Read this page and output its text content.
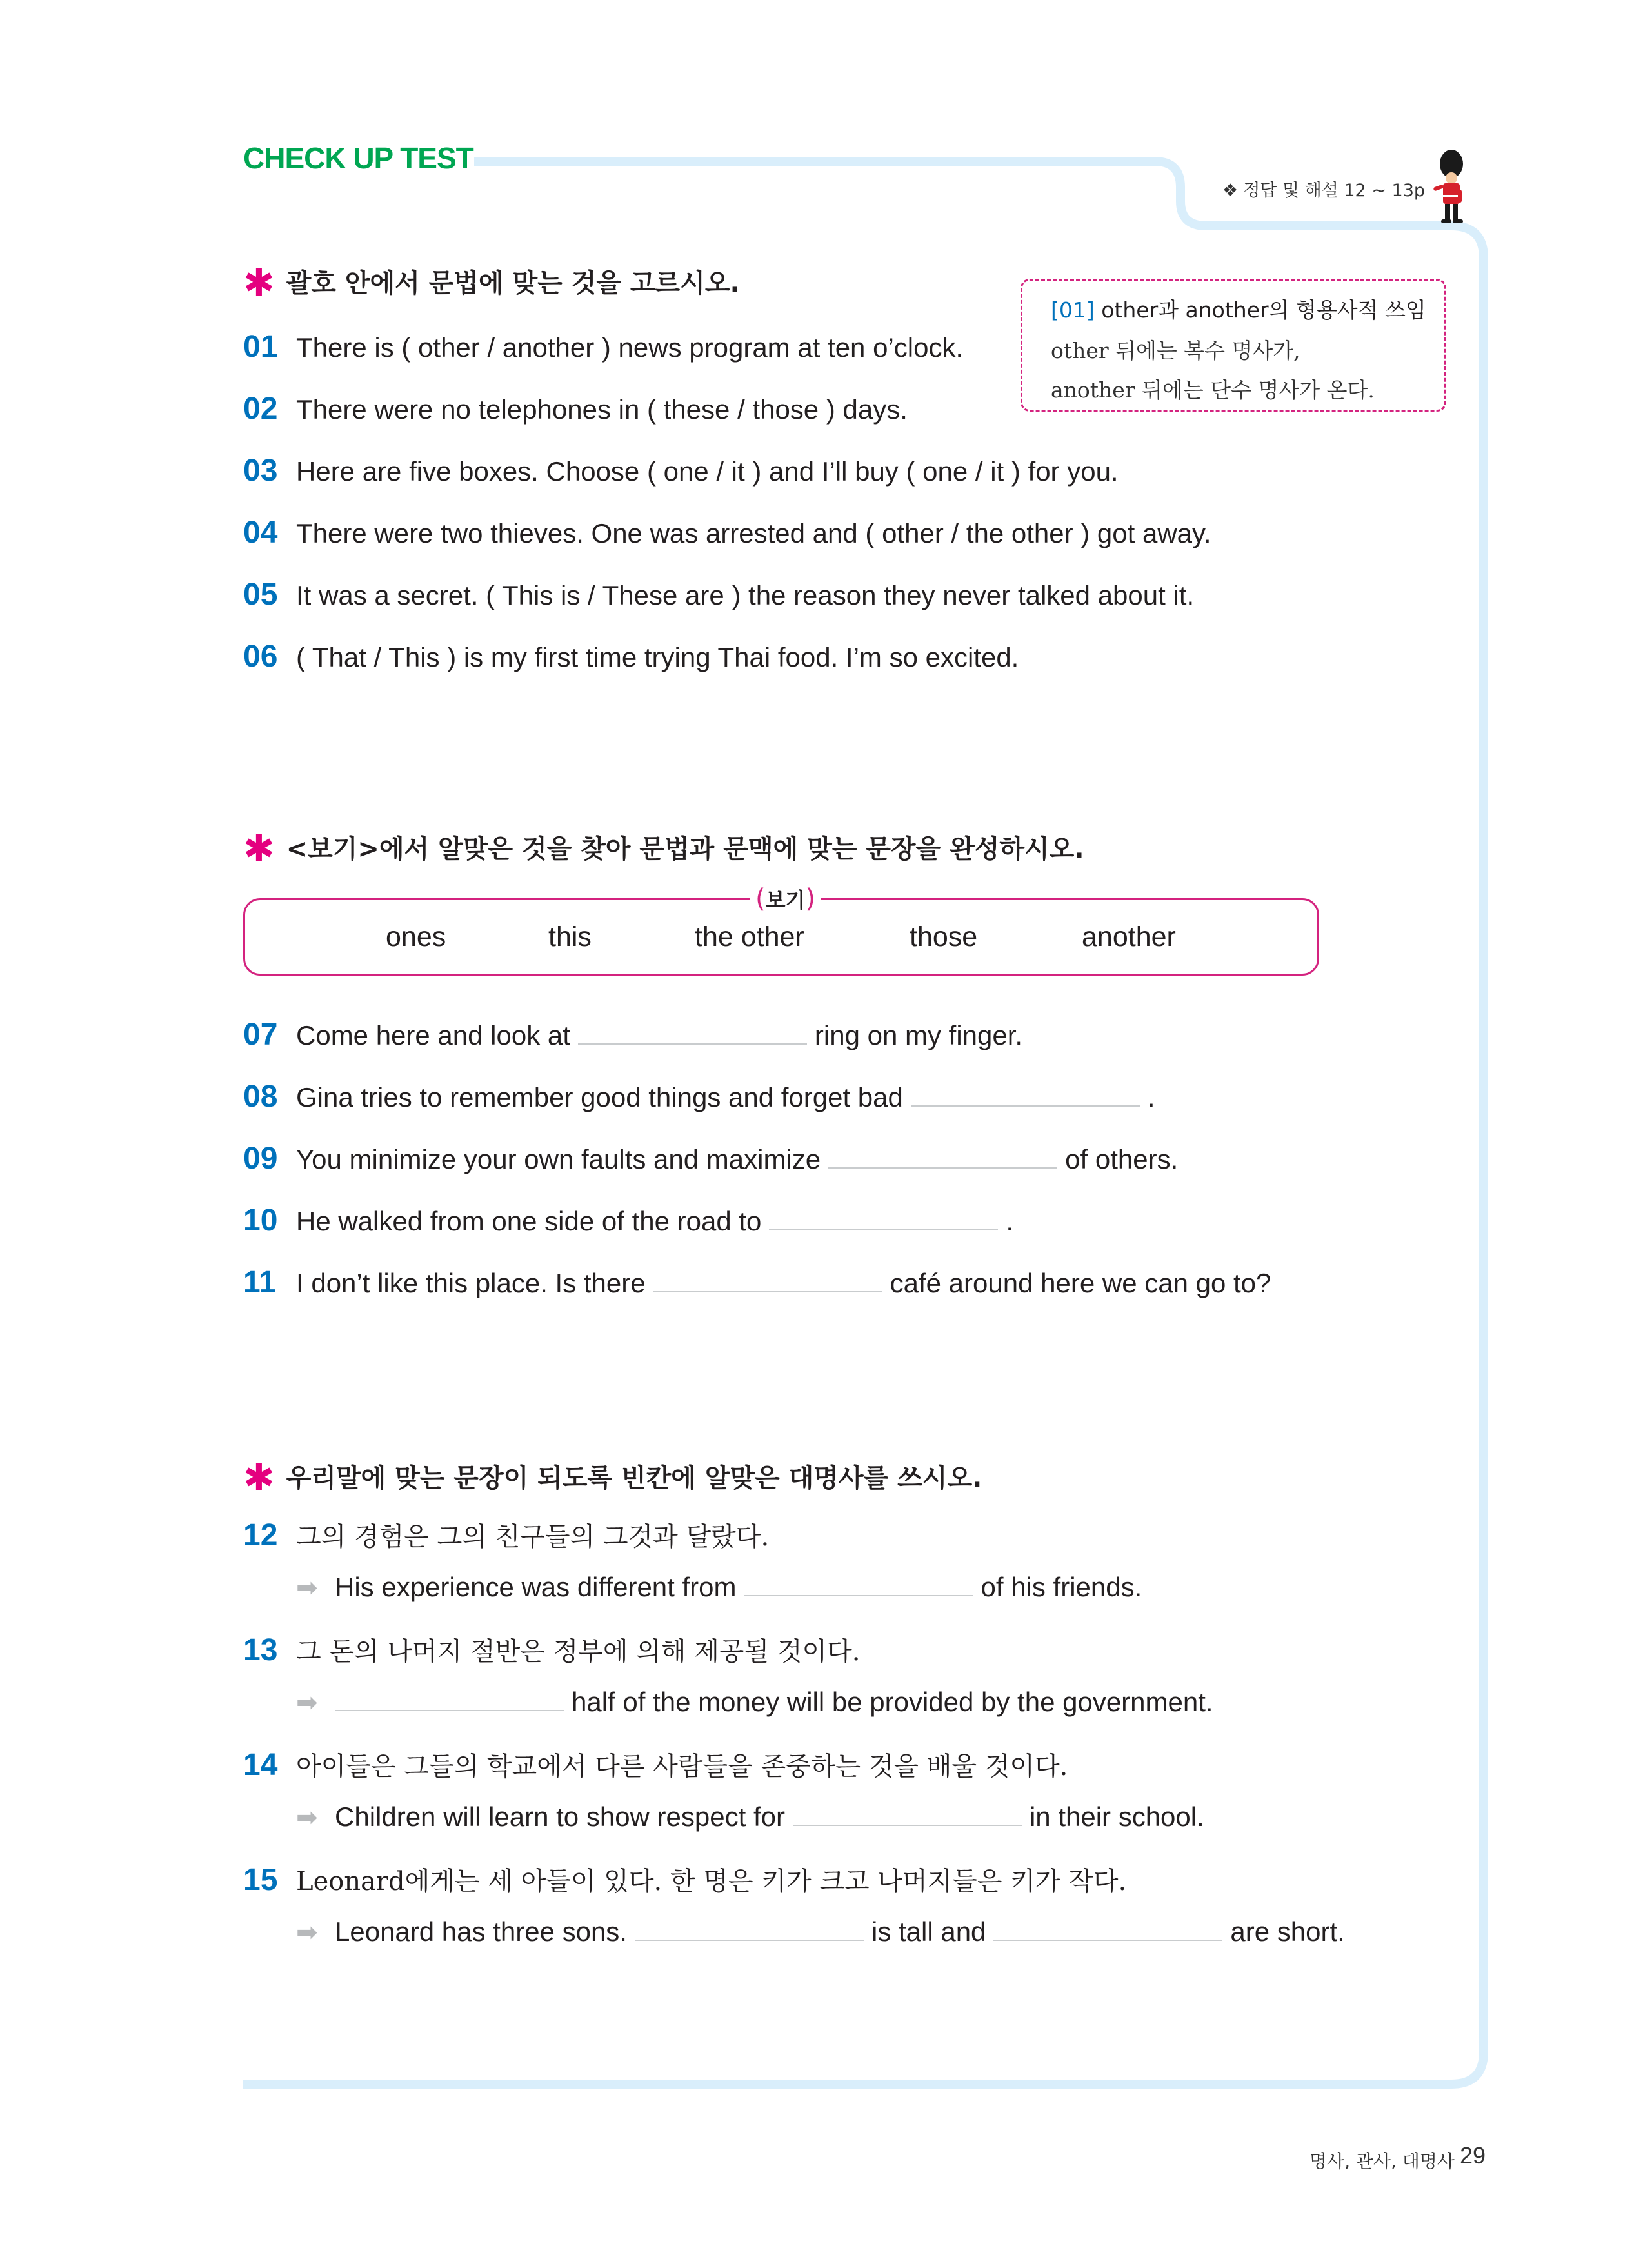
CHECK UP TEST
❖ 정답 및 해설 12 ~ 13p
✱ 괄호 안에서 문법에 맞는 것을 고르시오.
01 There is ( other / another ) news program at ten o’clock.
02 There were no telephones in ( these / those ) days.
03 Here are five boxes. Choose ( one / it ) and I’ll buy ( one / it ) for you.
04 There were two thieves. One was arrested and ( other / the other ) got away.
05 It was a secret. ( This is / These are ) the reason they never talked about it.
06 ( That / This ) is my first time trying Thai food. I’m so excited.
[01] other과 another의 형용사적 쓰임
other 뒤에는 복수 명사가,
another 뒤에는 단수 명사가 온다.
✱ <보기>에서 알맞은 것을 찾아 문법과 문맥에 맞는 문장을 완성하시오.
(보기)
ones	this	the other	those	another
07 Come here and look at	ring on my finger.
08 Gina tries to remember good things and forget bad	.
09 You minimize your own faults and maximize	of others.
10 He walked from one side of the road to	.
11 I don’t like this place. Is there	café around here we can go to?
✱ 우리말에 맞는 문장이 되도록 빈칸에 알맞은 대명사를 쓰시오.
12 그의 경험은 그의 친구들의 그것과 달랐다.
➡ His experience was different from	of his friends.
13 그 돈의 나머지 절반은 정부에 의해 제공될 것이다.
➡	half of the money will be provided by the government.
14 아이들은 그들의 학교에서 다른 사람들을 존중하는 것을 배울 것이다.
➡ Children will learn to show respect for	in their school.
15 Leonard에게는 세 아들이 있다. 한 명은 키가 크고 나머지들은 키가 작다.
➡ Leonard has three sons.	is tall and	are short.
명사, 관사, 대명사 29
